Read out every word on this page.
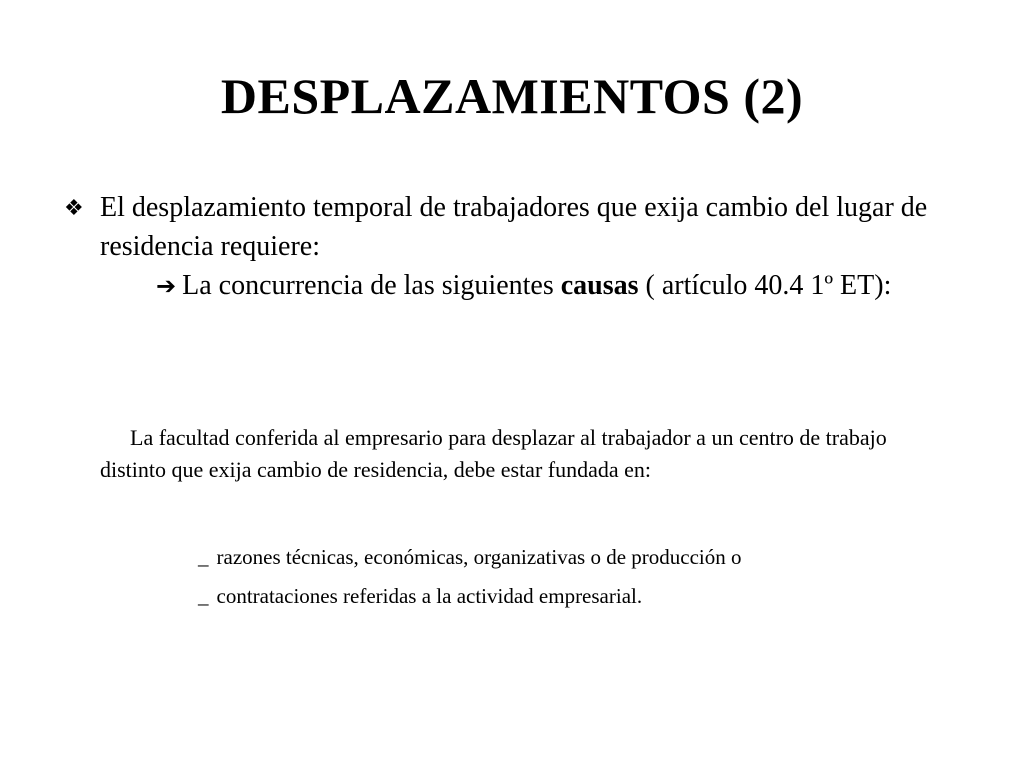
DESPLAZAMIENTOS (2)
❖ El desplazamiento temporal de trabajadores que exija cambio del lugar de residencia requiere:
➔ La concurrencia de las siguientes causas ( artículo 40.4 1º ET):
La facultad conferida al empresario para desplazar al trabajador a un centro de trabajo distinto que exija cambio de residencia, debe estar fundada en:
_ razones técnicas, económicas, organizativas o de producción o
_ contrataciones referidas a la actividad empresarial.
